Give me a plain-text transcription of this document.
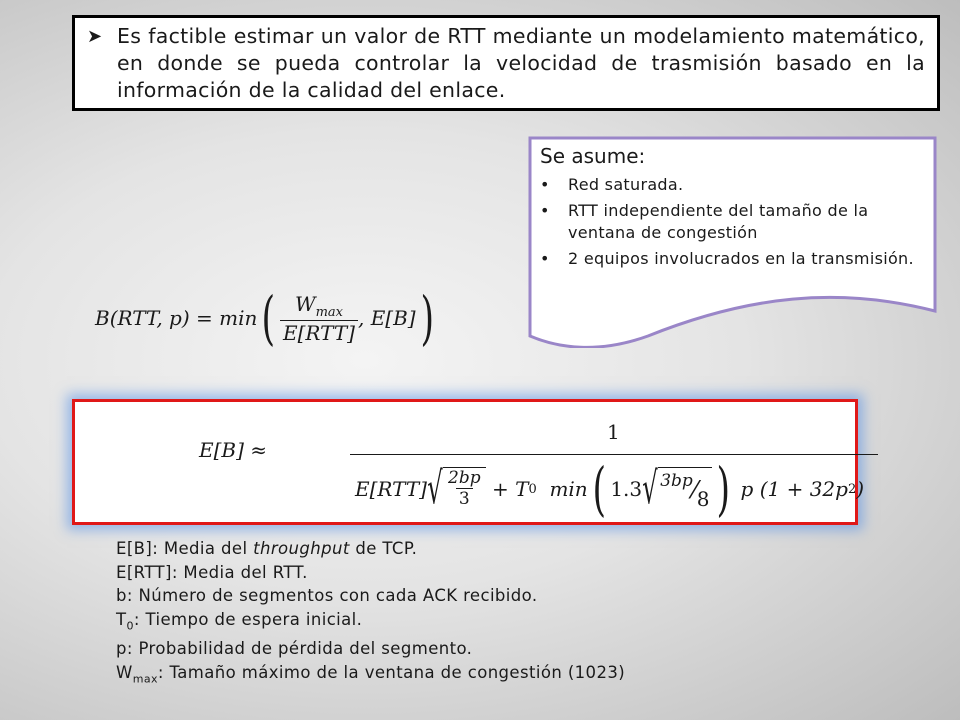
➤ Es factible estimar un valor de RTT mediante un modelamiento matemático, en donde se pueda controlar la velocidad de trasmisión basado en la información de la calidad del enlace.
Se asume:
• Red saturada.
• RTT independiente del tamaño de la ventana de congestión
• 2 equipos involucrados en la transmisión.
B(RTT, p) =
min ( $\frac{W_{max}}{\text{E[RTT]}}$ , E[B] )
E[B] ≈
1
E[RTT] √ $\frac{2bp}{3}$
+
T 0
min ( 1.3 √ 3bp ⁄ 8 )
p
(1 + 32p 2 )
E[B]: Media del throughput de TCP.
E[RTT]: Media del RTT.
b: Número de segmentos con cada ACK recibido.
$T_0$: Tiempo de espera inicial.
p: Probabilidad de pérdida del segmento.
$W_{max}$: Tamaño máximo de la ventana de congestión (1023)
